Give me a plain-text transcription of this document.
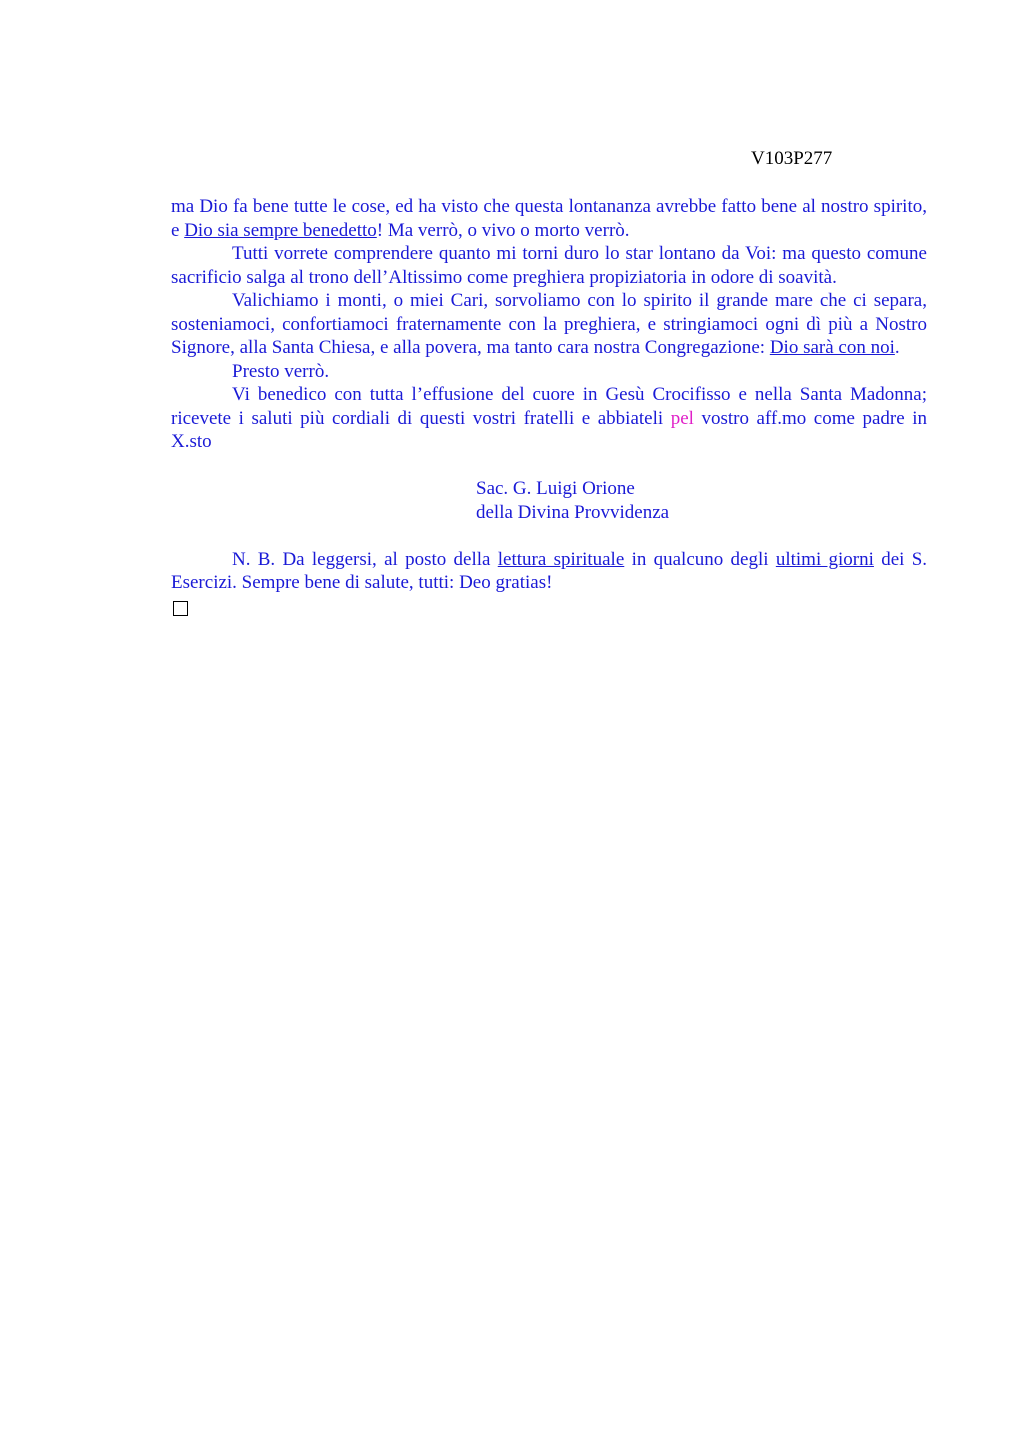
V103P277

ma Dio fa bene tutte le cose, ed ha visto che questa lontananza avrebbe fatto bene al nostro spirito, e Dio sia sempre benedetto! Ma verrò, o vivo o morto verrò.

Tutti vorrete comprendere quanto mi torni duro lo star lontano da Voi: ma questo comune sacrificio salga al trono dell’Altissimo come preghiera propiziatoria in odore di soavità.

Valichiamo i monti, o miei Cari, sorvoliamo con lo spirito il grande mare che ci separa, sosteniamoci, confortiamoci fraternamente con la preghiera, e stringiamoci ogni dì più a Nostro Signore, alla Santa Chiesa, e alla povera, ma tanto cara nostra Congregazione: Dio sarà con noi.

Presto verrò.

Vi benedico con tutta l’effusione del cuore in Gesù Crocifisso e nella Santa Madonna; ricevete i saluti più cordiali di questi vostri fratelli e abbiateli pel vostro aff.mo come padre in X.sto

Sac. G. Luigi Orione
della Divina Provvidenza

N. B. Da leggersi, al posto della lettura spirituale in qualcuno degli ultimi giorni dei S. Esercizi. Sempre bene di salute, tutti: Deo gratias!
